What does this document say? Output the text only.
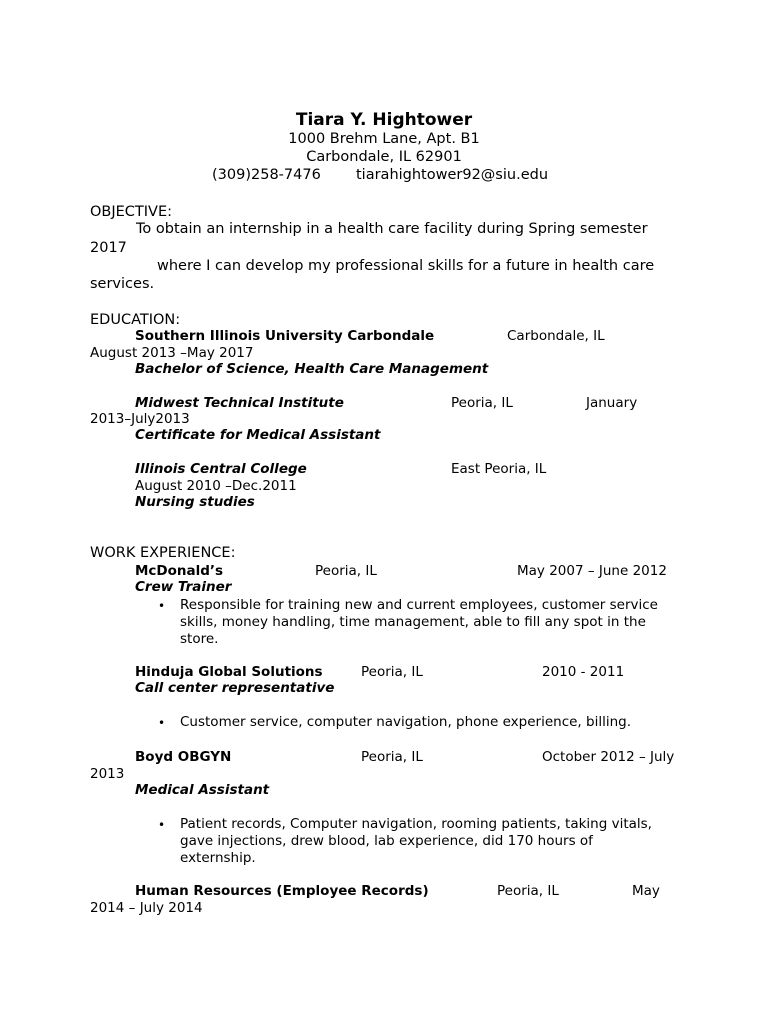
Tiara Y. Hightower
1000 Brehm Lane, Apt. B1
Carbondale, IL 62901
(309)258-7476 tiarahightower92@siu.edu
OBJECTIVE:
To obtain an internship in a health care facility during Spring semester
2017
where I can develop my professional skills for a future in health care
services.
EDUCATION:
Southern Illinois University Carbondale	Carbondale, IL
August 2013 –May 2017
Bachelor of Science, Health Care Management
Midwest Technical Institute	Peoria, IL	January
2013–July2013
Certificate for Medical Assistant
Illinois Central College	East Peoria, IL
August 2010 –Dec.2011
Nursing studies
WORK EXPERIENCE:
McDonald’s	Peoria, IL	May 2007 – June 2012
Crew Trainer
• Responsible for training new and current employees, customer service
skills, money handling, time management, able to fill any spot in the
store.
Hinduja Global Solutions	Peoria, IL	2010 - 2011
Call center representative
• Customer service, computer navigation, phone experience, billing.
Boyd OBGYN	Peoria, IL	October 2012 – July
2013
Medical Assistant
• Patient records, Computer navigation, rooming patients, taking vitals,
gave injections, drew blood, lab experience, did 170 hours of
externship.
Human Resources (Employee Records)	Peoria, IL	May
2014 – July 2014
